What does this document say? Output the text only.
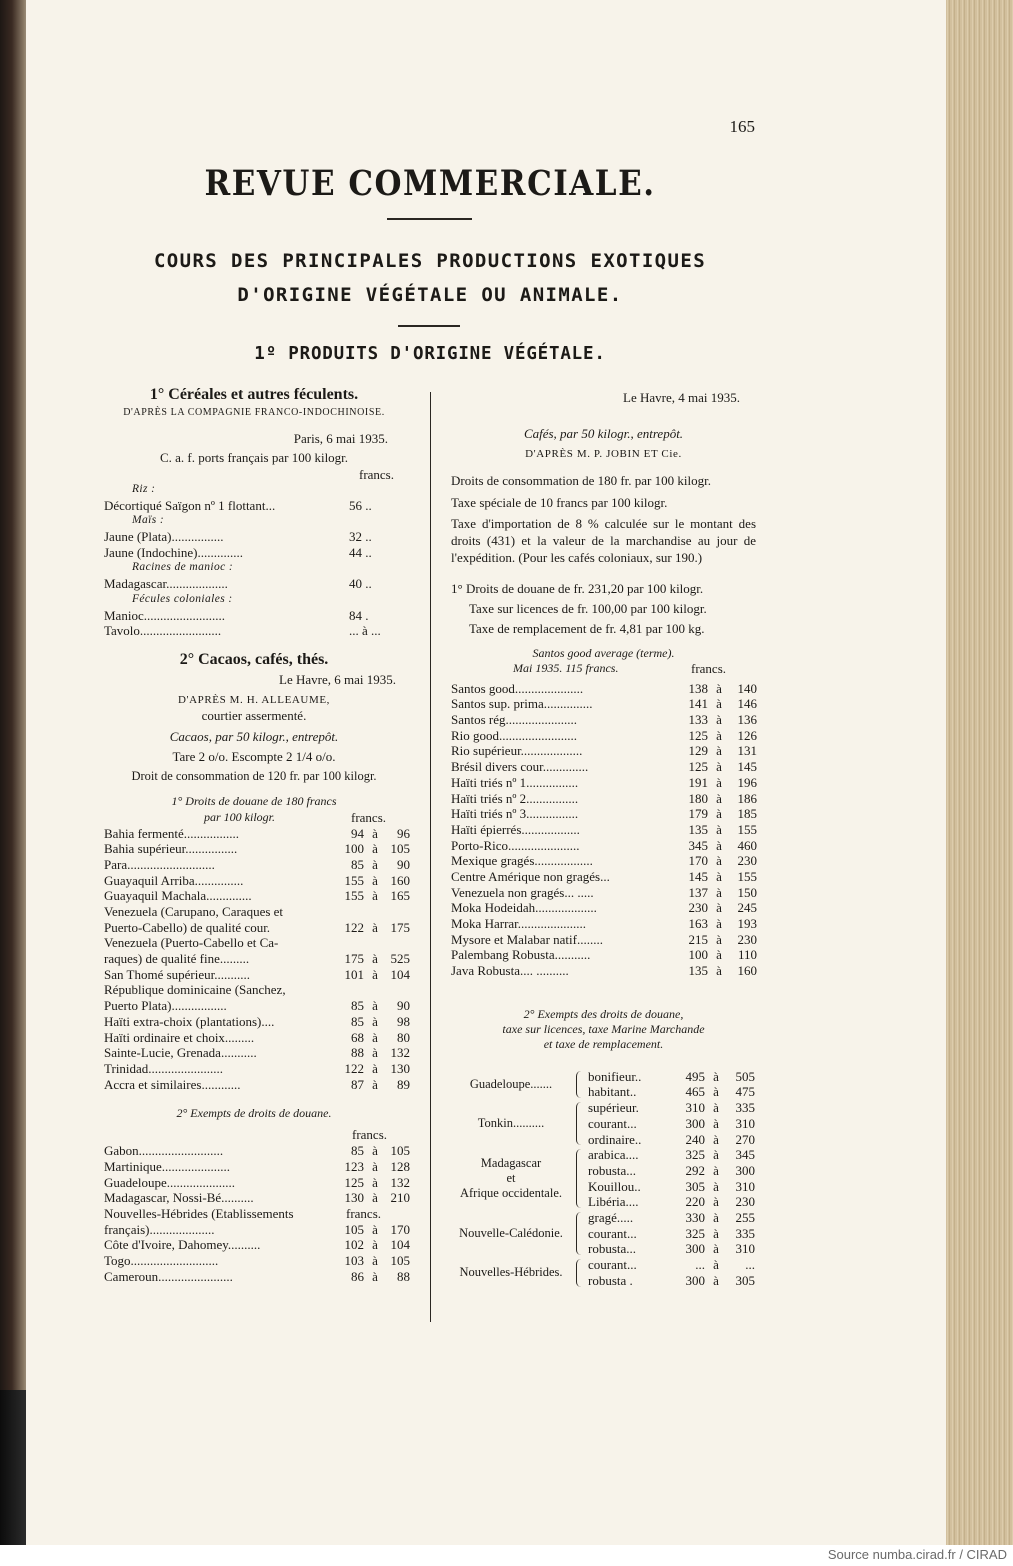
165
REVUE COMMERCIALE.
COURS DES PRINCIPALES PRODUCTIONS EXOTIQUES
D'ORIGINE VÉGÉTALE OU ANIMALE.
1º PRODUITS D'ORIGINE VÉGÉTALE.
1° Céréales et autres féculents.
D'APRÈS LA COMPAGNIE FRANCO-INDOCHINOISE.
Paris, 6 mai 1935.
C. a. f. ports français par 100 kilogr.
francs.
Riz :
Décortiqué Saïgon nº 1 flottant...	56 ..
Maïs :
Jaune (Plata)................	32 ..
Jaune (Indochine)..............	44 ..
Racines de manioc :
Madagascar...................	40 ..
Fécules coloniales :
Manioc.........................	84 .
Tavolo.........................	... à ...
2° Cacaos, cafés, thés.
Le Havre, 6 mai 1935.
D'APRÈS M. H. ALLEAUME,
courtier assermenté.
Cacaos, par 50 kilogr., entrepôt.
Tare 2 o/o. Escompte 2 1/4 o/o.
Droit de consommation de 120 fr. par 100 kilogr.
1° Droits de douane de 180 francs
par 100 kilogr.	francs.
Bahia fermenté.................	94 à	96
Bahia supérieur................	100 à 105
Para...........................	85 à	90
Guayaquil Arriba...............	155 à 160
Guayaquil Machala..............	155 à 165
Venezuela (Carupano, Caraques et
Puerto-Cabello) de qualité cour.	122 à 175
Venezuela (Puerto-Cabello et Ca-
raques) de qualité fine.........	175 à 525
San Thomé supérieur...........	101 à 104
République dominicaine (Sanchez,
Puerto Plata).................	85 à	90
Haïti extra-choix (plantations)....	85 à	98
Haïti ordinaire et choix.........	68 à	80
Sainte-Lucie, Grenada...........	88 à 132
Trinidad.......................	122 à 130
Accra et similaires............	87 à	89
2° Exempts de droits de douane.
francs.
Gabon..........................	85 à 105
Martinique.....................	123 à 128
Guadeloupe.....................	125 à 132
Madagascar, Nossi-Bé..........	130 à 210
Nouvelles-Hébrides (Etablissements	francs.
français)....................	105 à 170
Côte d'Ivoire, Dahomey..........	102 à 104
Togo...........................	103 à 105
Cameroun.......................	86 à	88
Le Havre, 4 mai 1935.
Cafés, par 50 kilogr., entrepôt.
D'APRÈS M. P. JOBIN ET Cie.
Droits de consommation de 180 fr. par 100 kilogr.
Taxe spéciale de 10 francs par 100 kilogr.
Taxe d'importation de 8 % calculée sur le montant des droits (431) et la valeur de la marchandise au jour de l'expédition. (Pour les cafés coloniaux, sur 190.)
1° Droits de douane de fr. 231,20 par 100 kilogr.
Taxe sur licences de fr. 100,00 par 100 kilogr.
Taxe de remplacement de fr. 4,81 par 100 kg.
Santos good average (terme).
Mai 1935. 115 francs.	francs.
Santos good.....................	138 à	140
Santos sup. prima...............	141 à	146
Santos rég......................	133 à	136
Rio good........................	125 à	126
Rio supérieur...................	129 à	131
Brésil divers cour..............	125 à	145
Haïti triés nº 1................	191 à	196
Haïti triés nº 2................	180 à	186
Haïti triés nº 3................	179 à	185
Haïti épierrés..................	135 à	155
Porto-Rico......................	345 à	460
Mexique gragés..................	170 à	230
Centre Amérique non gragés...	145 à	155
Venezuela non gragés... .....	137 à	150
Moka Hodeidah...................	230 à	245
Moka Harrar.....................	163 à	193
Mysore et Malabar natif........	215 à	230
Palembang Robusta...........	100 à	110
Java Robusta.... ..........	135 à	160
2° Exempts des droits de douane,
taxe sur licences, taxe Marine Marchande
et taxe de remplacement.
Guadeloupe.......
bonifieur..	495 à	505
habitant..	465 à	475
Tonkin..........
supérieur.	310 à	335
courant...	300 à	310
ordinaire..	240 à	270
Madagascar
et
Afrique occidentale.
arabica....	325 à	345
robusta...	292 à	300
Kouillou..	305 à	310
Libéria....	220 à	230
Nouvelle-Calédonie.
gragé.....	330 à	255
courant...	325 à	335
robusta...	300 à	310
Nouvelles-Hébrides.
courant...	... à	...
robusta .	300 à	305
Source numba.cirad.fr / CIRAD
